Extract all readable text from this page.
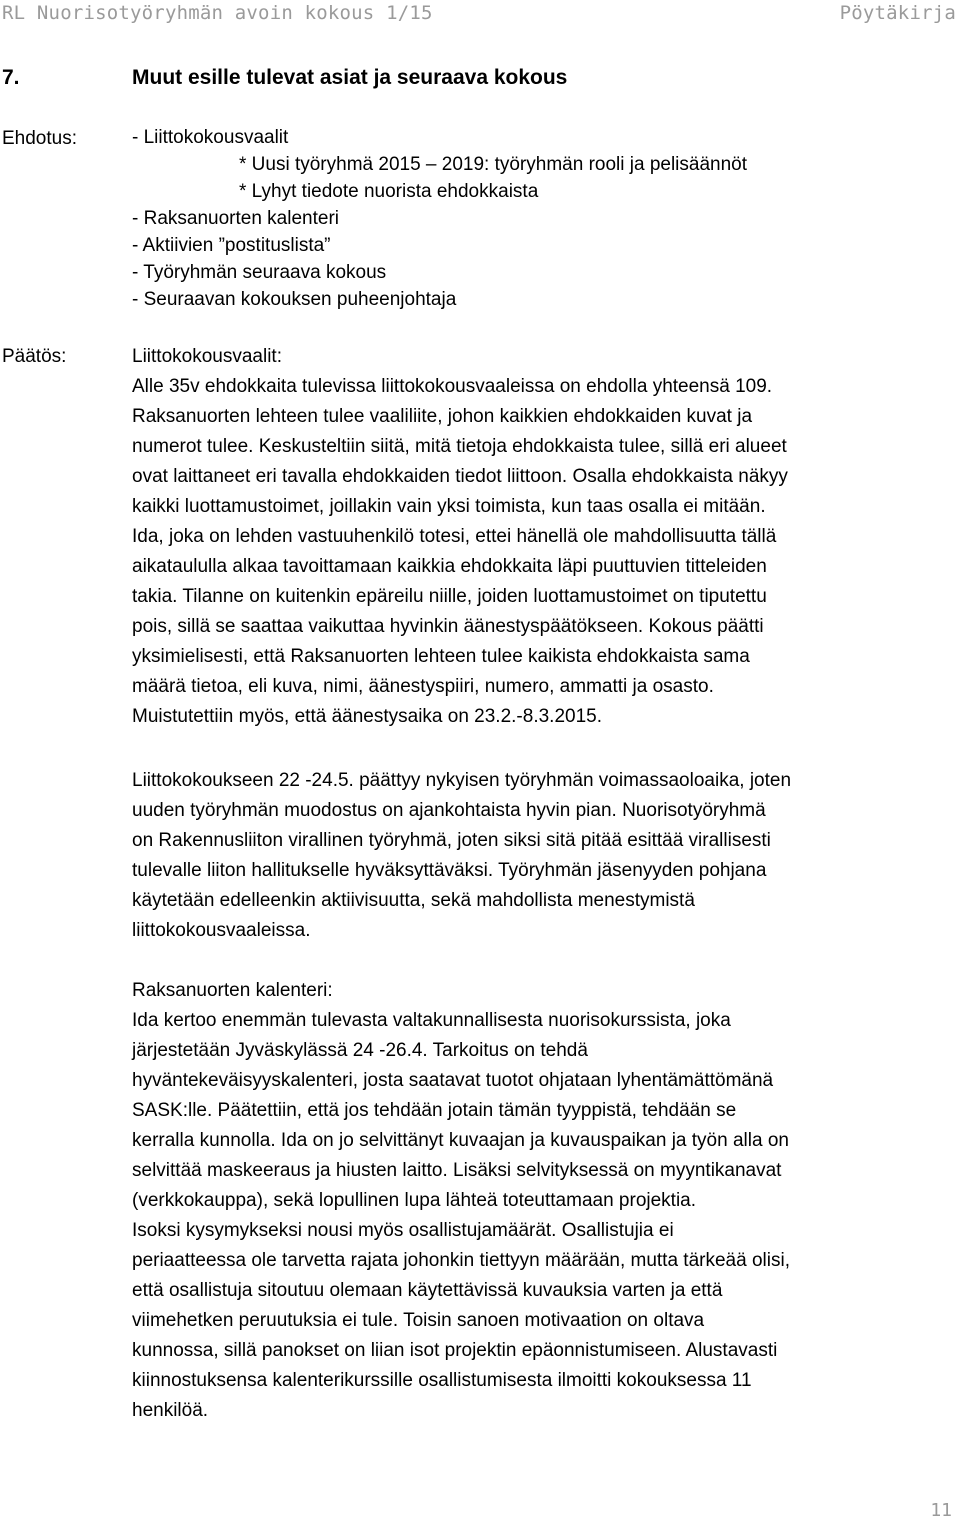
RL Nuorisotyöryhmän avoin kokous 1/15	Pöytäkirja
7.	Muut esille tulevat asiat ja seuraava kokous
Ehdotus:	- Liittokokousvaalit
* Uusi työryhmä 2015 – 2019: työryhmän rooli ja pelisäännöt
* Lyhyt tiedote nuorista ehdokkaista
- Raksanuorten kalenteri
- Aktiivien ”postituslista”
- Työryhmän seuraava kokous
- Seuraavan kokouksen puheenjohtaja
Päätös:	Liittokokousvaalit:
Alle 35v ehdokkaita tulevissa liittokokousvaaleissa on ehdolla yhteensä 109.
Raksanuorten lehteen tulee vaaliliite, johon kaikkien ehdokkaiden kuvat ja
numerot tulee. Keskusteltiin siitä, mitä tietoja ehdokkaista tulee, sillä eri alueet
ovat laittaneet eri tavalla ehdokkaiden tiedot liittoon. Osalla ehdokkaista näkyy
kaikki luottamustoimet, joillakin vain yksi toimista, kun taas osalla ei mitään.
Ida, joka on lehden vastuuhenkilö totesi, ettei hänellä ole mahdollisuutta tällä
aikataululla alkaa tavoittamaan kaikkia ehdokkaita läpi puuttuvien titteleiden
takia. Tilanne on kuitenkin epäreilu niille, joiden luottamustoimet on tiputettu
pois, sillä se saattaa vaikuttaa hyvinkin äänestyspäätökseen. Kokous päätti
yksimielisesti, että Raksanuorten lehteen tulee kaikista ehdokkaista sama
määrä tietoa, eli kuva, nimi, äänestyspiiri, numero, ammatti ja osasto.
Muistutettiin myös, että äänestysaika on 23.2.-8.3.2015.
Liittokokoukseen 22 -24.5. päättyy nykyisen työryhmän voimassaoloaika, joten
uuden työryhmän muodostus on ajankohtaista hyvin pian. Nuorisotyöryhmä
on Rakennusliiton virallinen työryhmä, joten siksi sitä pitää esittää virallisesti
tulevalle liiton hallitukselle hyväksyttäväksi. Työryhmän jäsenyyden pohjana
käytetään edelleenkin aktiivisuutta, sekä mahdollista menestymistä
liittokokousvaaleissa.
Raksanuorten kalenteri:
Ida kertoo enemmän tulevasta valtakunnallisesta nuorisokurssista, joka
järjestetään Jyväskylässä 24 -26.4. Tarkoitus on tehdä
hyväntekeväisyyskalenteri, josta saatavat tuotot ohjataan lyhentämättömänä
SASK:lle. Päätettiin, että jos tehdään jotain tämän tyyppistä, tehdään se
kerralla kunnolla. Ida on jo selvittänyt kuvaajan ja kuvauspaikan ja työn alla on
selvittää maskeeraus ja hiusten laitto. Lisäksi selvityksessä on myyntikanavat
(verkkokauppa), sekä lopullinen lupa lähteä toteuttamaan projektia.
Isoksi kysymykseksi nousi myös osallistujamäärät. Osallistujia ei
periaatteessa ole tarvetta rajata johonkin tiettyyn määrään, mutta tärkeää olisi,
että osallistuja sitoutuu olemaan käytettävissä kuvauksia varten ja että
viimehetken peruutuksia ei tule. Toisin sanoen motivaation on oltava
kunnossa, sillä panokset on liian isot projektin epäonnistumiseen. Alustavasti
kiinnostuksensa kalenterikurssille osallistumisesta ilmoitti kokouksessa 11
henkilöä.
11
